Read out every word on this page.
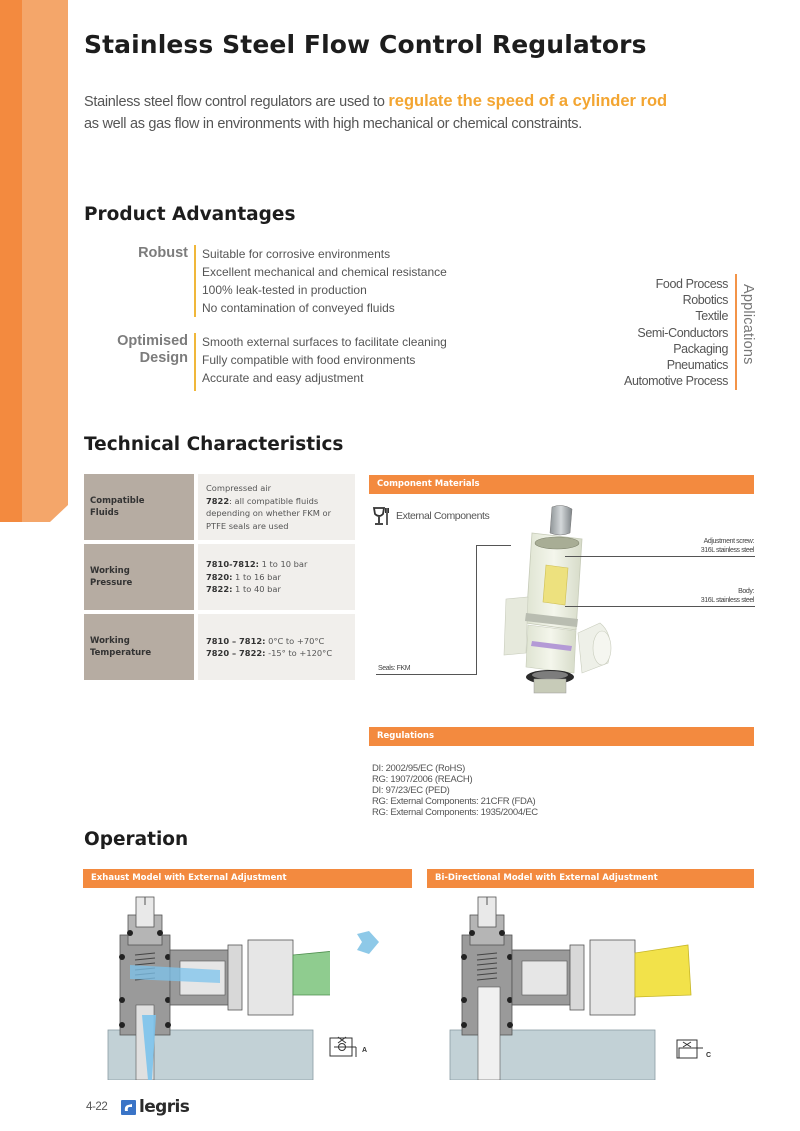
Stainless Steel Flow Control Regulators

Stainless steel flow control regulators are used to regulate the speed of a cylinder rod
as well as gas flow in environments with high mechanical or chemical constraints.

Product Advantages
Robust Suitable for corrosive environments
Excellent mechanical and chemical resistance
100% leak-tested in production
No contamination of conveyed fluids
Optimised
Design
Smooth external surfaces to facilitate cleaning
Fully compatible with food environments
Accurate and easy adjustment
Food Process
Robotics
Textile
Semi-Conductors
Packaging
Pneumatics
Automotive Process
Applications
Technical Characteristics
Compatible
Fluids
Compressed air
7822: all compatible fluids depending on whether FKM or PTFE seals are used
Working
Pressure
7810-7812: 1 to 10 bar
7820: 1 to 16 bar
7822: 1 to 40 bar
Working
Temperature
7810 – 7812: 0°C to +70°C
7820 – 7822: -15° to +120°C
Component Materials
External Components
Adjustment screw:
316L stainless steel
Body:
316L stainless steel
Seals: FKM
Regulations
DI: 2002/95/EC (RoHS)
RG: 1907/2006 (REACH)
DI: 97/23/EC (PED)
RG: External Components: 21CFR (FDA)
RG: External Components: 1935/2004/EC
Operation
Exhaust Model with External Adjustment	Bi-Directional Model with External Adjustment
A
C
4-22 legris
